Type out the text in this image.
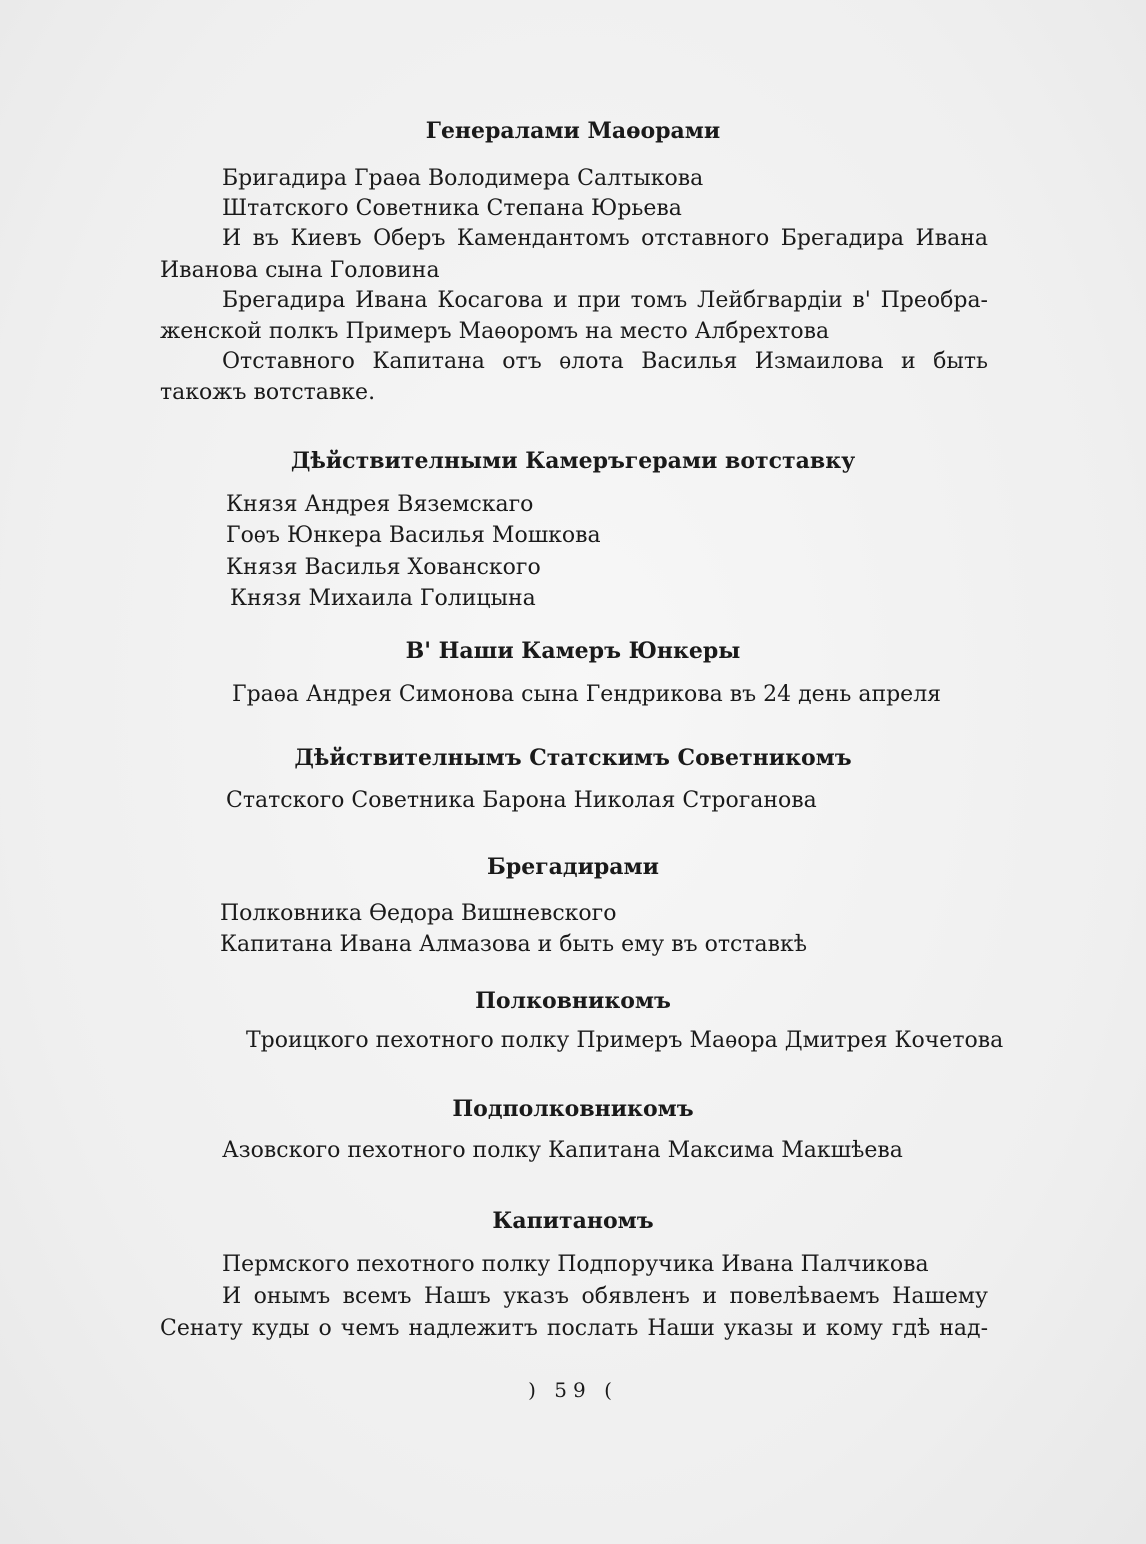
Генералами Маѳорами
Бригадира Граѳа Володимера Салтыкова
Штатского Советника Степана Юрьева
И въ Киевъ Оберъ Камендантомъ отставного Брегадира Ивана
Иванова сына Головина
Брегадира Ивана Косагова и при томъ Лейбгвардіи в' Преобра-
женской полкъ Примеръ Маѳоромъ на место Албрехтова
Отставного Капитана отъ ѳлота Василья Измаилова и быть
такожъ вотставке.
Дѣйствителными Камеръгерами вотставку
Князя Андрея Вяземскаго
Гоѳъ Юнкера Василья Мошкова
Князя Василья Хованского
Князя Михаила Голицына
В' Наши Камеръ Юнкеры
Граѳа Андрея Симонова сына Гендрикова въ 24 день апреля
Дѣйствителнымъ Статскимъ Советникомъ
Статского Советника Барона Николая Строганова
Брегадирами
Полковника Ѳедора Вишневского
Капитана Ивана Алмазова и быть ему въ отставкѣ
Полковникомъ
Троицкого пехотного полку Примеръ Маѳора Дмитрея Кочетова
Подполковникомъ
Азовского пехотного полку Капитана Максима Макшѣева
Капитаномъ
Пермского пехотного полку Подпоручика Ивана Палчикова
И онымъ всемъ Нашъ указъ обявленъ и повелѣваемъ Нашему
Сенату куды о чемъ надлежитъ послать Наши указы и кому гдѣ над-
) 59 (
